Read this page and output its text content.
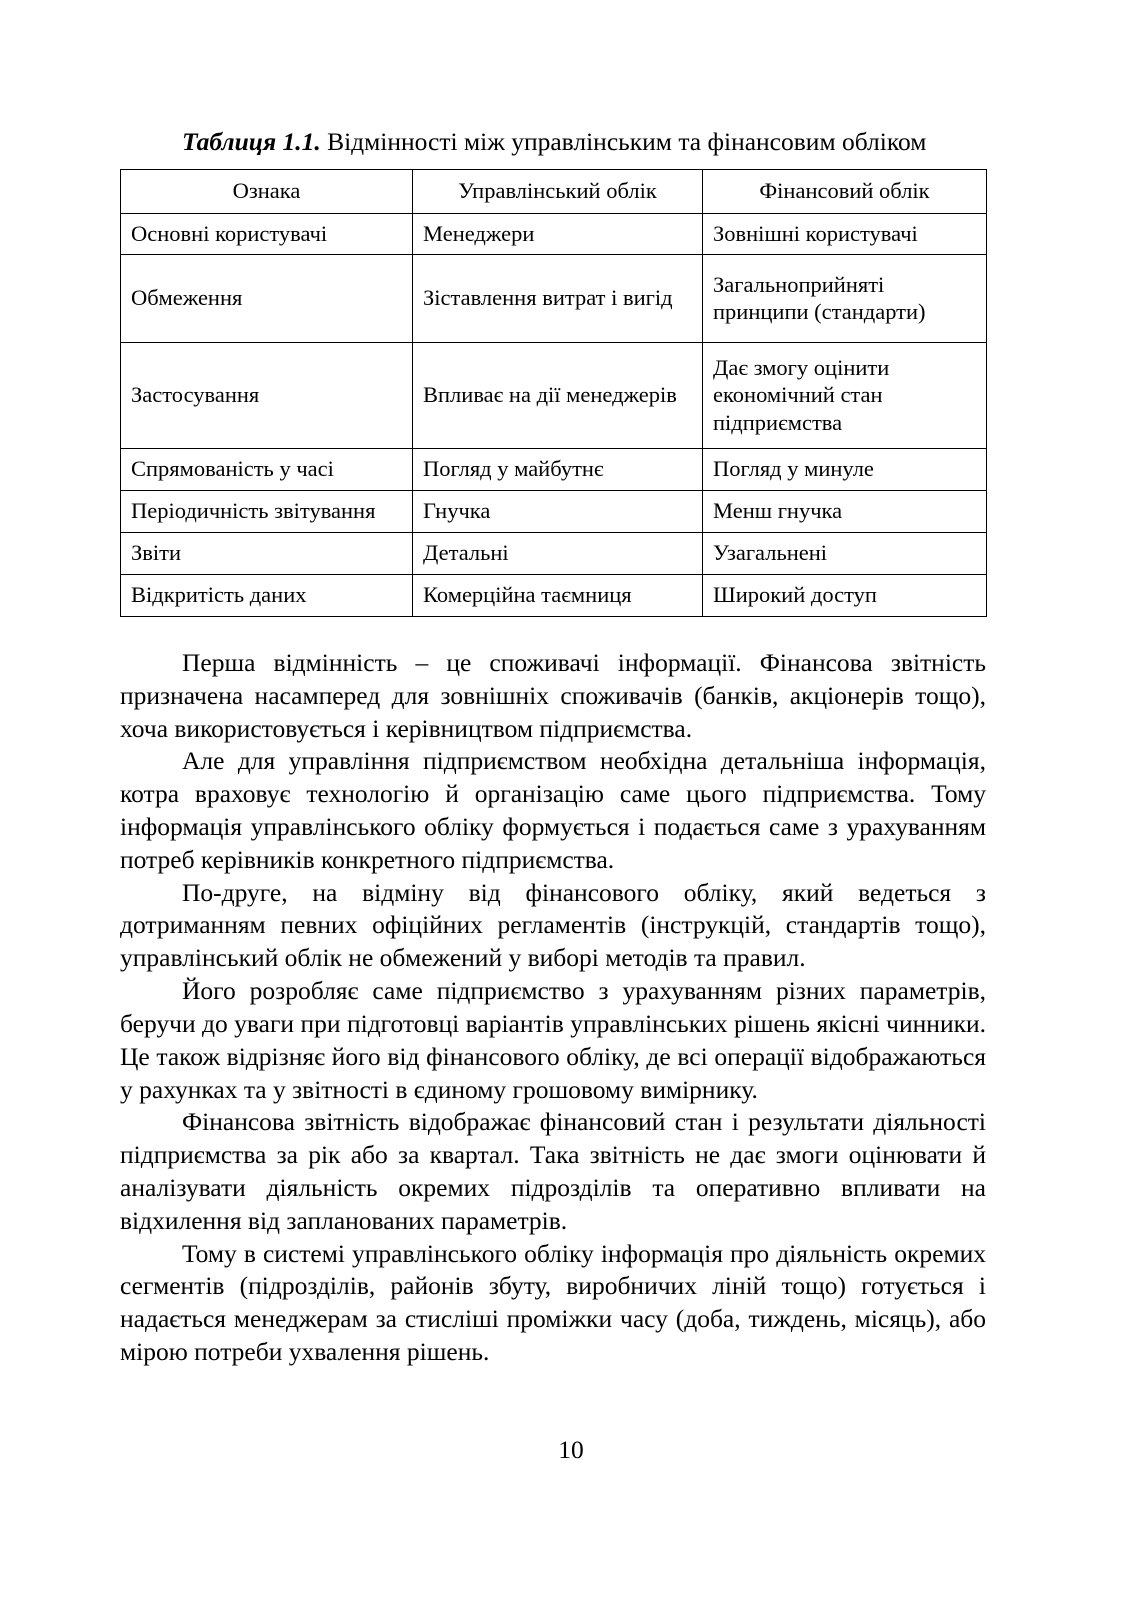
Таблиця 1.1. Відмінності між управлінським та фінансовим обліком

Ознака	Управлінський облік	Фінансовий облік
Основні користувачі	Менеджери	Зовнішні користувачі
Обмеження	Зіставлення витрат і вигід	Загальноприйняті принципи (стандарти)
Застосування	Впливає на дії менеджерів	Дає змогу оцінити економічний стан підприємства
Спрямованість у часі	Погляд у майбутнє	Погляд у минуле
Періодичність звітування	Гнучка	Менш гнучка
Звіти	Детальні	Узагальнені
Відкритість даних	Комерційна таємниця	Широкий доступ

Перша відмінність – це споживачі інформації. Фінансова звітність призначена насамперед для зовнішніх споживачів (банків, акціонерів тощо), хоча використовується і керівництвом підприємства.

Але для управління підприємством необхідна детальніша інформація, котра враховує технологію й організацію саме цього підприємства. Тому інформація управлінського обліку формується і подається саме з урахуванням потреб керівників конкретного підприємства.

По-друге, на відміну від фінансового обліку, який ведеться з дотриманням певних офіційних регламентів (інструкцій, стандартів тощо), управлінський облік не обмежений у виборі методів та правил.

Його розробляє саме підприємство з урахуванням різних параметрів, беручи до уваги при підготовці варіантів управлінських рішень якісні чинники. Це також відрізняє його від фінансового обліку, де всі операції відображаються у рахунках та у звітності в єдиному грошовому вимірнику.

Фінансова звітність відображає фінансовий стан і результати діяльності підприємства за рік або за квартал. Така звітність не дає змоги оцінювати й аналізувати діяльність окремих підрозділів та оперативно впливати на відхилення від запланованих параметрів.

Тому в системі управлінського обліку інформація про діяльність окремих сегментів (підрозділів, районів збуту, виробничих ліній тощо) готується і надається менеджерам за стисліші проміжки часу (доба, тиждень, місяць), або мірою потреби ухвалення рішень.

10
